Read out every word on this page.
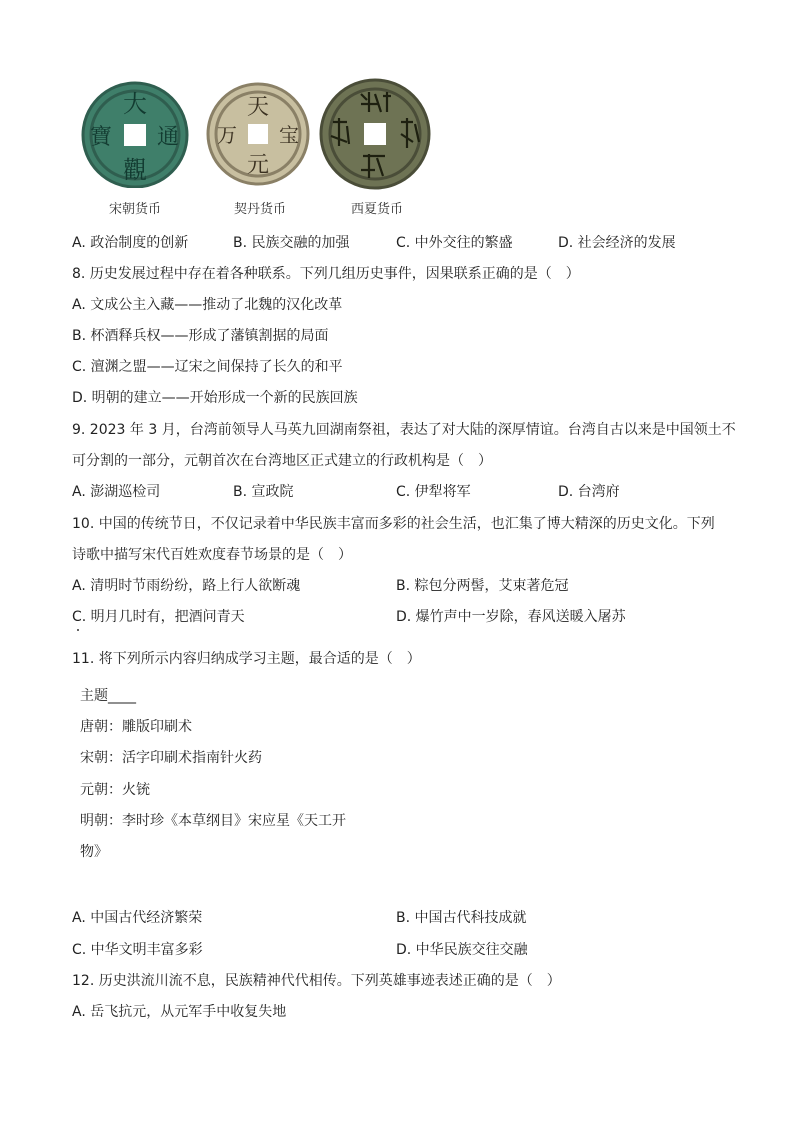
大
通
觀
寶
天
宝
元
万
宋朝货币	契丹货币	西夏货币
A. 政治制度的创新	B. 民族交融的加强	C. 中外交往的繁盛	D. 社会经济的发展
8. 历史发展过程中存在着各种联系。下列几组历史事件，因果联系正确的是（　）
A. 文成公主入藏——推动了北魏的汉化改革
B. 杯酒释兵权——形成了藩镇割据的局面
C. 澶渊之盟——辽宋之间保持了长久的和平
D. 明朝的建立——开始形成一个新的民族回族
9. 2023 年 3 月，台湾前领导人马英九回湖南祭祖，表达了对大陆的深厚情谊。台湾自古以来是中国领土不
可分割的一部分，元朝首次在台湾地区正式建立的行政机构是（　）
A. 澎湖巡检司	B. 宣政院	C. 伊犁将军	D. 台湾府
10. 中国的传统节日，不仅记录着中华民族丰富而多彩的社会生活，也汇集了博大精深的历史文化。下列
诗歌中描写宋代百姓欢度春节场景的是（　）
A. 清明时节雨纷纷，路上行人欲断魂	B. 粽包分两髻，艾束著危冠
C. 明月几时有，把酒问青天	D. 爆竹声中一岁除，春风送暖入屠苏
11. 将下列所示内容归纳成学习主题，最合适的是（　）
主题____
唐朝：雕版印刷术
宋朝：活字印刷术指南针火药
元朝：火铳
明朝：李时珍《本草纲目》宋应星《天工开
物》
A. 中国古代经济繁荣	B. 中国古代科技成就
C. 中华文明丰富多彩	D. 中华民族交往交融
12. 历史洪流川流不息，民族精神代代相传。下列英雄事迹表述正确的是（　）
A. 岳飞抗元，从元军手中收复失地
